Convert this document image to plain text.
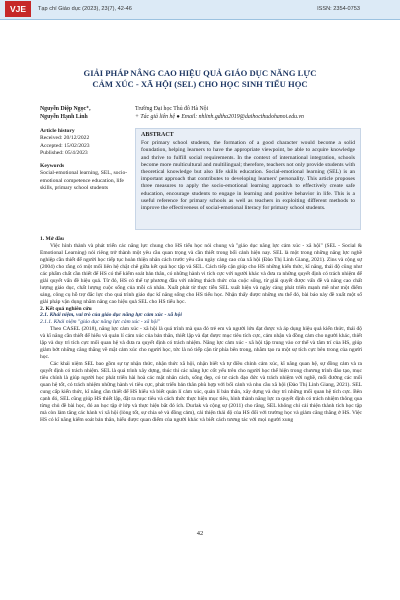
VJE	Tạp chí Giáo dục (2023), 23(7), 42-46	ISSN: 2354-0753
GIẢI PHÁP NÂNG CAO HIỆU QUẢ GIÁO DỤC NĂNG LỰC
CẢM XÚC - XÃ HỘI (SEL) CHO HỌC SINH TIỂU HỌC
Nguyễn Diệp Ngọc⁺,
Nguyễn Hạnh Linh
Trường Đại học Thủ đô Hà Nội
+ Tác giả liên hệ ● Email: nhlinh.gdtha2019@daihocthudohanoi.edu.vn
Article history
Received: 20/12/2022
Accepted: 15/02/2023
Published: 05/4/2023
Keywords
Social-emotional learning, SEL, socio-emotional competence education, life skills, primary school students
ABSTRACT

For primary school students, the formation of a good character would become a solid foundation, helping learners to have the appropriate viewpoint, be able to acquire knowledge and thrive to fulfill social requirements. In the context of international integration, schools become more multicultural and multilingual; therefore, teachers not only provide students with theoretical knowledge but also life skills education. Social-emotional learning (SEL) is an important approach that contributes to developing learners' personality. This article proposes three measures to apply the socio-emotional learning approach to effectively create safe education, encourage students to engage in learning and positive behavior in life. This is a useful reference for primary schools as well as teachers in exploiting different methods to improve the effectiveness of social-emotional literacy for primary school students.

1. Mở đầu

Việc hình thành và phát triển các năng lực chung cho HS tiểu học nói chung và "giáo dục năng lực cảm xúc - xã hội" (SEL - Social & Emotional Learning) nói riêng trở thành một yêu cầu quan trọng và cần thiết trong bối cảnh hiện nay. SEL là một trong những năng lực nghề nghiệp cần thiết để người học tiếp tục hoàn thiện nhân cách trước yêu cầu ngày càng cao của xã hội (Đào Thị Linh Giang, 2021). Zins và cộng sự (2004) cho rằng có một mối liên hệ chặt chẽ giữa kết quả học tập và SEL. Cách tiếp cận giúp cho HS những kiến thức, kĩ năng, thái độ cũng như các phẩm chất cần thiết để HS có thể kiểm soát bản thân, có những hành vi tích cực với người khác và đưa ra những quyết định có trách nhiệm để giải quyết vấn đề hiệu quả. Từ đó, HS có thể tự phương đầu với những thách thức của cuộc sống, từ giải quyết được vấn đề và nâng cao chất lượng giáo dục, chất lượng cuộc sống của mỗi cá nhân. Xuất phát từ thực tiễn SEL xuất hiện và ngày càng phát triển mạnh mẽ như một điểm sáng, công cụ hỗ trợ đắc lực cho quá trình giáo dục kĩ năng sống cho HS tiểu học. Nhận thấy được những ưu thế đó, bài báo này đề xuất một số giải pháp vận dụng nhằm nâng cao hiệu quả SEL cho HS tiểu học.

2. Kết quả nghiên cứu

2.1. Khái niệm, vai trò của giáo dục năng lực cảm xúc - xã hội

2.1.1. Khái niệm "giáo dục năng lực cảm xúc - xã hội"

Theo CASEL (2018), năng lực cảm xúc - xã hội là quá trình mà qua đó trẻ em và người lớn đạt được và áp dụng hiệu quả kiến thức, thái độ và kĩ năng cần thiết để hiểu và quản lí cảm xúc của bản thân, thiết lập và đạt được mục tiêu tích cực, cảm nhận và đồng cảm cho người khác, thiết lập và duy trì tích cực mối quan hệ và đưa ra quyết định có trách nhiệm. Năng lực cảm xúc - xã hội tập trung vào cơ thể và tâm trí của HS, giúp giảm bớt những căng thẳng về mặt cảm xúc cho người học, tức là nó tiếp cận từ phía bên trong, nhằm tạo ra một sự tích cực bên trong của người học.

Các khái niệm SEL bao gồm sự tự nhận thức, nhận thức xã hội, nhận biết và tự điều chỉnh cảm xúc, kĩ năng quan hệ, sự đồng cảm và ra quyết định có trách nhiệm. SEL là quá trình xây dựng, thúc thi các năng lực cốt yếu trên cho người học thể hiện trong chương trình đào tạo, mục tiêu chính là giúp người học phát triển hài hoà các mặt nhân cách, sống đẹp, có tư cách đạo đức và trách nhiệm với nghề, mối đường các mối quan hệ tốt, có trách nhiệm những hành vi tiêu cực, phát triển bản thân phù hợp với bối cảnh và nhu cầu xã hội (Đào Thị Linh Giang, 2021). SEL cung cấp kiến thức, kĩ năng cần thiết để HS hiểu và biết quản lí cảm xúc, quản lí bản thân, xây dựng và duy trì những mối quan hệ tích cực. Bên cạnh đó, SEL cũng giúp HS thiết lập, đặt ra mục tiêu và cách thức thực hiện mục tiêu, hình thành năng lực ra quyết định có trách nhiệm thông qua từng chủ đề bài học, đó an học tập ở lớp và thực hiện bắt đó ích. Durlak và cộng sự (2011) cho rằng, SEL không chỉ cải thiện thành tích học tập mà còn làm tăng các hành vi xã hội (lòng tốt, sự chia sẻ và đồng cảm), cải thiện thái độ của HS đối với trường học và giảm căng thẳng ở HS. Việc HS có kĩ năng kiểm soát bản thân, hiểu được quan điểm của người khác và biết cách tương tác với mọi người xung

42
